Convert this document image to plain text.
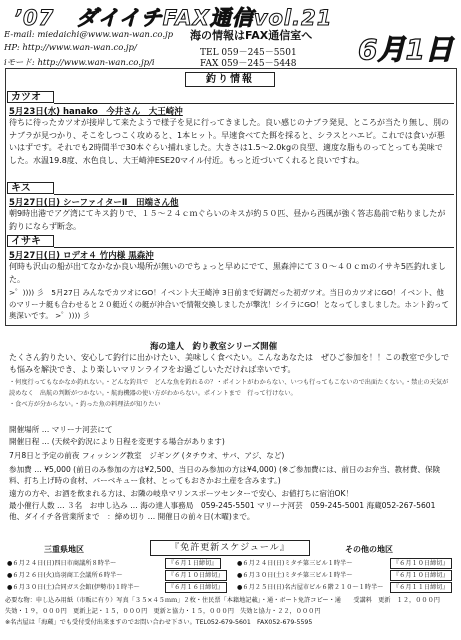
’07　ダイイチFAX通信vol.21
E-mail: miedaichi@www.wan-wan.co.jp
HP: http://www.wan-wan.co.jp/
iモード: http://www.wan-wan.co.jp/i
海の情報はFAX通信室へ
TEL 059－245－5501
FAX 059－245－5448 6月1日
釣り情報
カツオ
5月23日(水) hanako　今井さん　大王崎沖
待ちに待ったカツオが接岸して来たようで様子を見に行ってきました。良い感じのナブラ発見、ところが当たり無し、別のナブラが見つかり、そこをしつこく攻めると、1本ヒット。早速食べてた餌を採ると、シラスとハエビ。これでは食いが悪いはずです。それでも2時間半で30本ぐらい捕れました。大きさは1.5～2.0kgの良型、適度な脂ものってとっても美味でした。水温19.8度、水色良し、大王崎沖ESE20マイル付近。もっと近づいてくれると良いですね。
キス
5月27日(日) シーファイターⅡ　田端さん他
朝9時出港でアグ湾にてキス釣りで、１５～２４ｃｍぐらいのキスが約５０匹、昼から西風が強く答志島前で粘りましたが釣りにならず断念。
イサキ
5月27日(日) ロデオ４ 竹内様 黒森沖
何時も沢山の船が出てなかなか良い場所が無いのでちょっと早めにでて、黒森沖にて３０～４０ｃｍのイサキ5匹釣れました。
>゜)))) 彡　5月27日 みんなでカツオにGO！イベント大王崎沖 3日前まで好調だった初ガツオ。当日のカツオにGO！イベント、他のマリーナ艇も合わせると２０艇近くの艇が沖合いで情報交換しましたが撃沈！シイラにGO！となってしましました。ホント釣って奥深いです。 >゜)))) 彡
海の達人　釣り教室シリーズ開催

たくさん釣りたい、安心して釣行に出かけたい、美味しく食べたい。こんなあなたは　ぜひご参加を！！この教室で少しでも悩みを解決でき、より楽しいマリンライフをお過ごしいただければ幸いです。

・何度行ってもなかなか釣れない。・どんな釣具で　どんな魚を釣れるの？・ポイントがわからない、いつも行ってもこないので出面たくない。・禁止の天気が読めなく　出航の判断がつかない。・航海機器の使い方がわからない。ポイントまで　行って行けない。

・食べ方が分からない。・釣った魚の料理法が知りたい

開催場所 … マリーナ河芸にて
開催日程 … (天候や釣況により日程を変更する場合があります)
7月8日と予定の前夜 フィッシング教室　ジギング (タチウオ、サバ、アジ、など)
参加費 … ¥5,000 (前日のみ参加の方は¥2,500、当日のみ参加の方は¥4,000) (※ご参加費には、前日のお弁当、教材費、保険料、打ち上げ時の食材、バーベキュー食材、とってもおさかお土産を含みます。)
遠方の方や、お酒を飲まれる方は、お隣の岐阜マリンスポーツセンターで安心、お値打ちに宿泊OK！
最小催行人数 … ３名　お申し込み … 海の達人事務局　059-245-5501 マリーナ河芸　059-245-5001 海蔵052-267-5601 他、ダイイチ各営業所まで　：締め切り … 開催日の前々日(木曜)まで。
三重県地区	『免許更新スケジュール』	その他の地区
●６月２４日(日)四日市商議所８時半～	『６月１日締切』	●６月２４日(日)ミタチ第三ビル１時半～	『６月１０日締切』
●６月２６日(火)鳥羽商工会議所６時半～	『６月１０日締切』	●６月３０日(土)ミタチ第三ビル１時半～	『６月１０日締切』
●６月３０日(土)合同ガス会館(伊勢市)１時半～	『６月１６日締切』	●６月２５日(日)名古屋市ビル６階２１０～１時半～	『６月１１日締切』
必要な物：申し込み用紙（市販に有り）写真「３５×４５ｍｍ」２枚・住民票「本籍地記載」・通・ボート免許コピー・通　　受講料　更新　１２，０００円
失効・１９，０００円　更新上記・１５，０００円　更新と協力・１５，０００円　失効と協力・２２，０００円
※名古屋は「海蔵」でも受付受付出来ますのでお問い合わせ下さい。TEL052-679-5601　FAX052-679-5595
